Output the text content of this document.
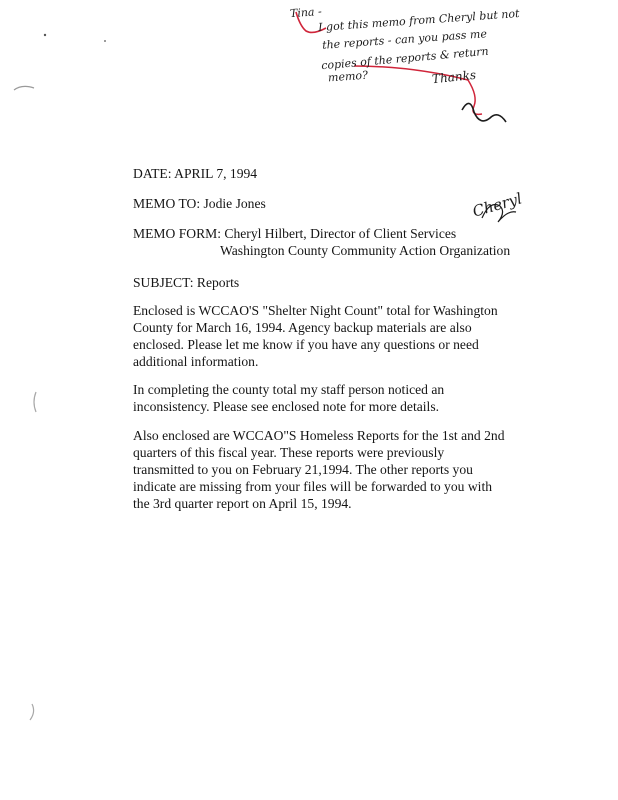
Tina -
I got this memo from Cheryl but not
the reports - can you pass me
copies of the reports & return
memo?	Thanks
DATE: APRIL 7, 1994
MEMO TO: Jodie Jones
MEMO FORM: Cheryl Hilbert, Director of Client Services
Washington County Community Action Organization
Cheryl
SUBJECT: Reports
Enclosed is WCCAO'S "Shelter Night Count" total for Washington
County for March 16, 1994. Agency backup materials are also
enclosed. Please let me know if you have any questions or need
additional information.
In completing the county total my staff person noticed an
inconsistency. Please see enclosed note for more details.
Also enclosed are WCCAO"S Homeless Reports for the 1st and 2nd
quarters of this fiscal year. These reports were previously
transmitted to you on February 21,1994. The other reports you
indicate are missing from your files will be forwarded to you with
the 3rd quarter report on April 15, 1994.
